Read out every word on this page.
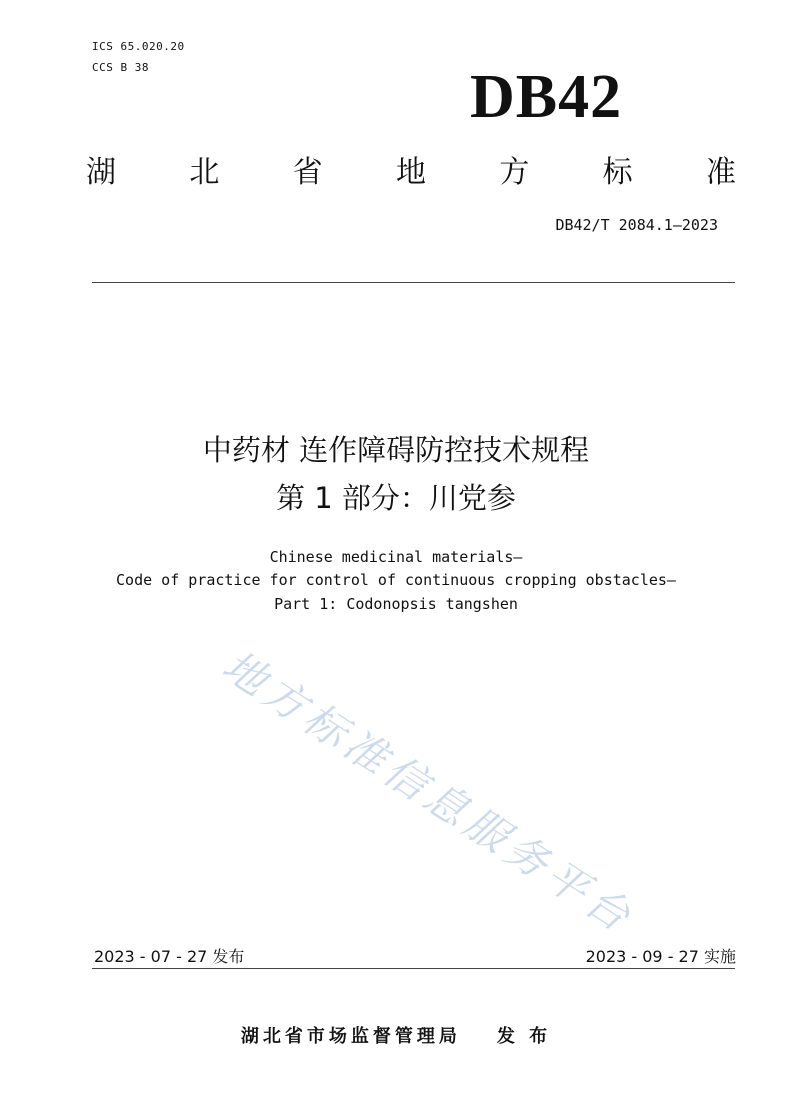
ICS 65.020.20
CCS B 38	DB42
湖 北 省 地 方 标 准
DB42/T 2084.1—2023
中药材 连作障碍防控技术规程
第 1 部分：川党参
Chinese medicinal materials—
Code of practice for control of continuous cropping obstacles—
Part 1: Codonopsis tangshen
地方标准信息服务平台
2023 - 07 - 27 发布	2023 - 09 - 27 实施
湖北省市场监督管理局 发 布
